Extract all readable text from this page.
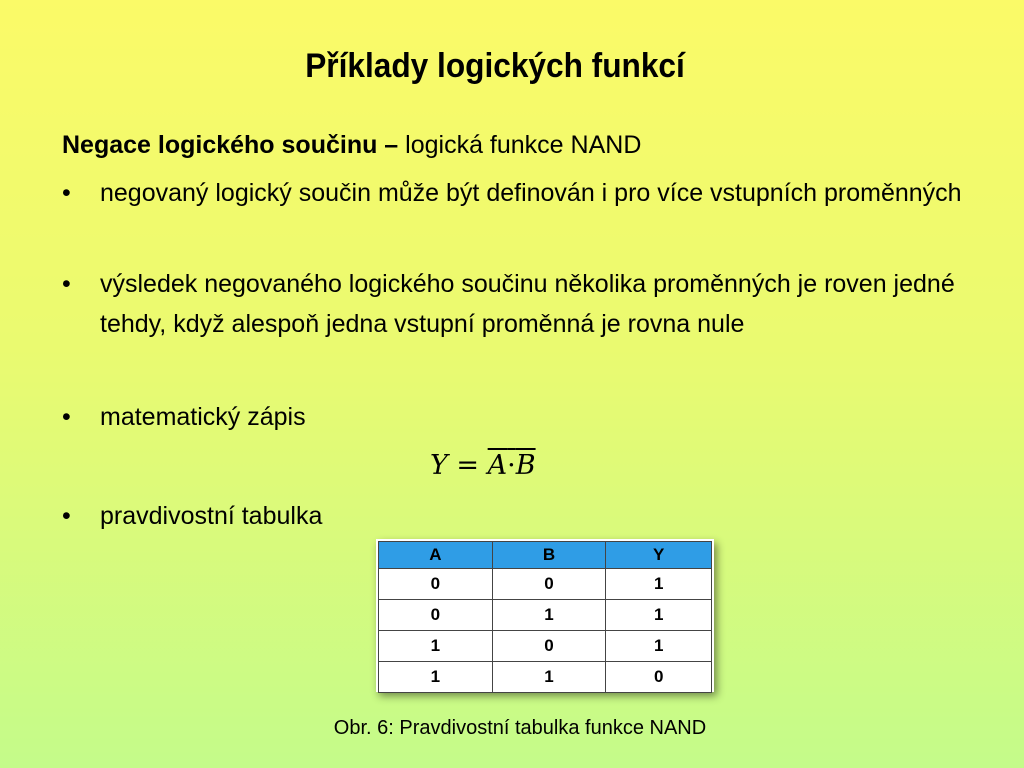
Příklady logických funkcí
Negace logického součinu – logická funkce NAND
•	negovaný logický součin může být definován i pro více vstupních proměnných
•	výsledek negovaného logického součinu několika proměnných je roven jedné tehdy, když alespoň jedna vstupní proměnná je rovna nule
•	matematický zápis
Y = A·B
•	pravdivostní tabulka
A	B	Y
0	0	1
0	1	1
1	0	1
1	1	0
Obr. 6: Pravdivostní tabulka funkce NAND
